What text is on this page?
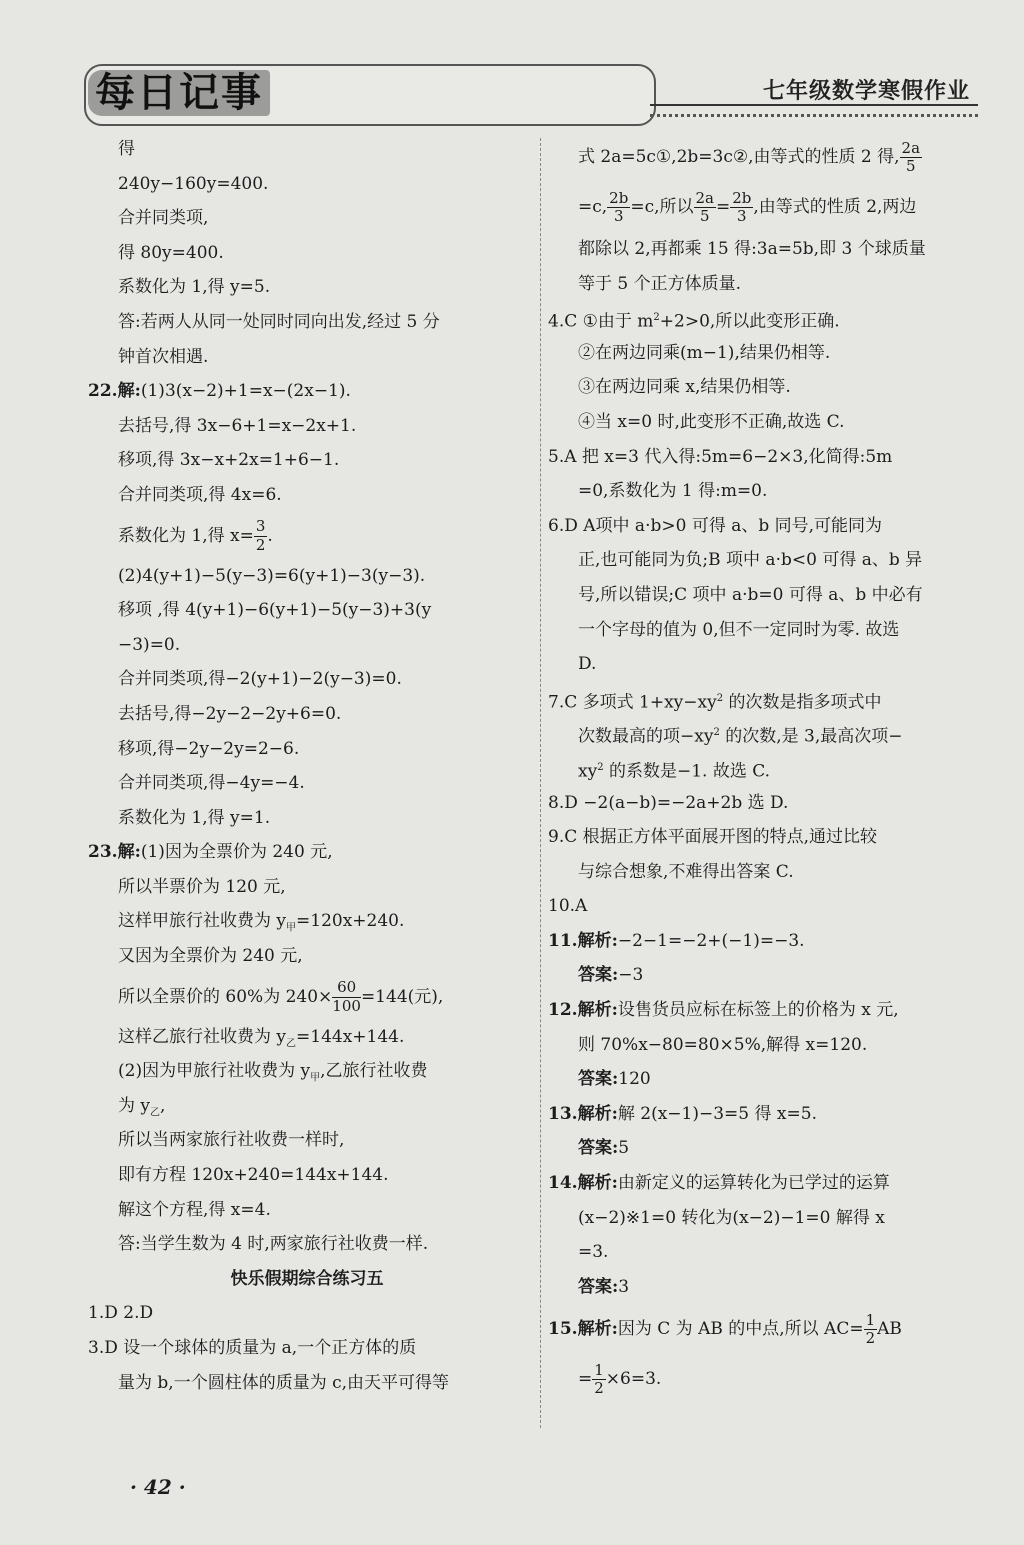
每日记事	七年级数学寒假作业
得
240y−160y=400.
合并同类项,
得 80y=400.
系数化为 1,得 y=5.
答:若两人从同一处同时同向出发,经过 5 分
钟首次相遇.
22.解:(1)3(x−2)+1=x−(2x−1).
去括号,得 3x−6+1=x−2x+1.
移项,得 3x−x+2x=1+6−1.
合并同类项,得 4x=6.
系数化为 1,得 $x= \frac{3}{2}$ .
(2)4(y+1)−5(y−3)=6(y+1)−3(y−3).
移项 ,得 4(y+1)−6(y+1)−5(y−3)+3(y
−3)=0.
合并同类项,得−2(y+1)−2(y−3)=0.
去括号,得−2y−2−2y+6=0.
移项,得−2y−2y=2−6.
合并同类项,得−4y=−4.
系数化为 1,得 y=1.
23.解:(1)因为全票价为 240 元,
所以半票价为 120 元,
这样甲旅行社收费为 $y_甲=120x+240$.
又因为全票价为 240 元,
所以全票价的 60%为 $240\times \frac{60}{100} =144$(元),
这样乙旅行社收费为 $y_乙=144x+144$.
(2)因为甲旅行社收费为 $y_甲$,乙旅行社收费
为 $y_乙$,
所以当两家旅行社收费一样时,
即有方程 120x+240=144x+144.
解这个方程,得 x=4.
答:当学生数为 4 时,两家旅行社收费一样.
快乐假期综合练习五
1.D 2.D
3.D 设一个球体的质量为 a,一个正方体的质
量为 b,一个圆柱体的质量为 c,由天平可得等
式 2a=5c①,2b=3c②,由等式的性质 2 得, $\frac{2a}{5}$
=c, $\frac{2b}{3} =c$,所以 $\frac{2a}{5} = \frac{2b}{3}$ ,由等式的性质 2,两边
都除以 2,再都乘 15 得:3a=5b,即 3 个球质量
等于 5 个正方体质量.
4.C ①由于 $m^2+2>0$,所以此变形正确.
②在两边同乘(m−1),结果仍相等.
③在两边同乘 x,结果仍相等.
④当 x=0 时,此变形不正确,故选 C.
5.A 把 x=3 代入得:5m=6−2×3,化简得:5m
=0,系数化为 1 得:m=0.
6.D A项中 a·b>0 可得 a、b 同号,可能同为
正,也可能同为负;B 项中 a·b<0 可得 a、b 异
号,所以错误;C 项中 a·b=0 可得 a、b 中必有
一个字母的值为 0,但不一定同时为零. 故选
D.
7.C 多项式 $1+xy-xy^2$ 的次数是指多项式中
次数最高的项$-xy^2$ 的次数,是 3,最高次项−
$xy^2$ 的系数是−1. 故选 C.
8.D −2(a−b)=−2a+2b 选 D.
9.C 根据正方体平面展开图的特点,通过比较
与综合想象,不难得出答案 C.
10.A
11.解析:−2−1=−2+(−1)=−3.
答案:−3
12.解析:设售货员应标在标签上的价格为 x 元,
则 70%x−80=80×5%,解得 x=120.
答案:120
13.解析:解 2(x−1)−3=5 得 x=5.
答案:5
14.解析:由新定义的运算转化为已学过的运算
(x−2)※1=0 转化为(x−2)−1=0 解得 x
=3.
答案:3
15.解析:因为 C 为 AB 的中点,所以 $AC= \frac{1}{2}$ AB
= $\frac{1}{2} \times 6=3$.
· 42 ·
